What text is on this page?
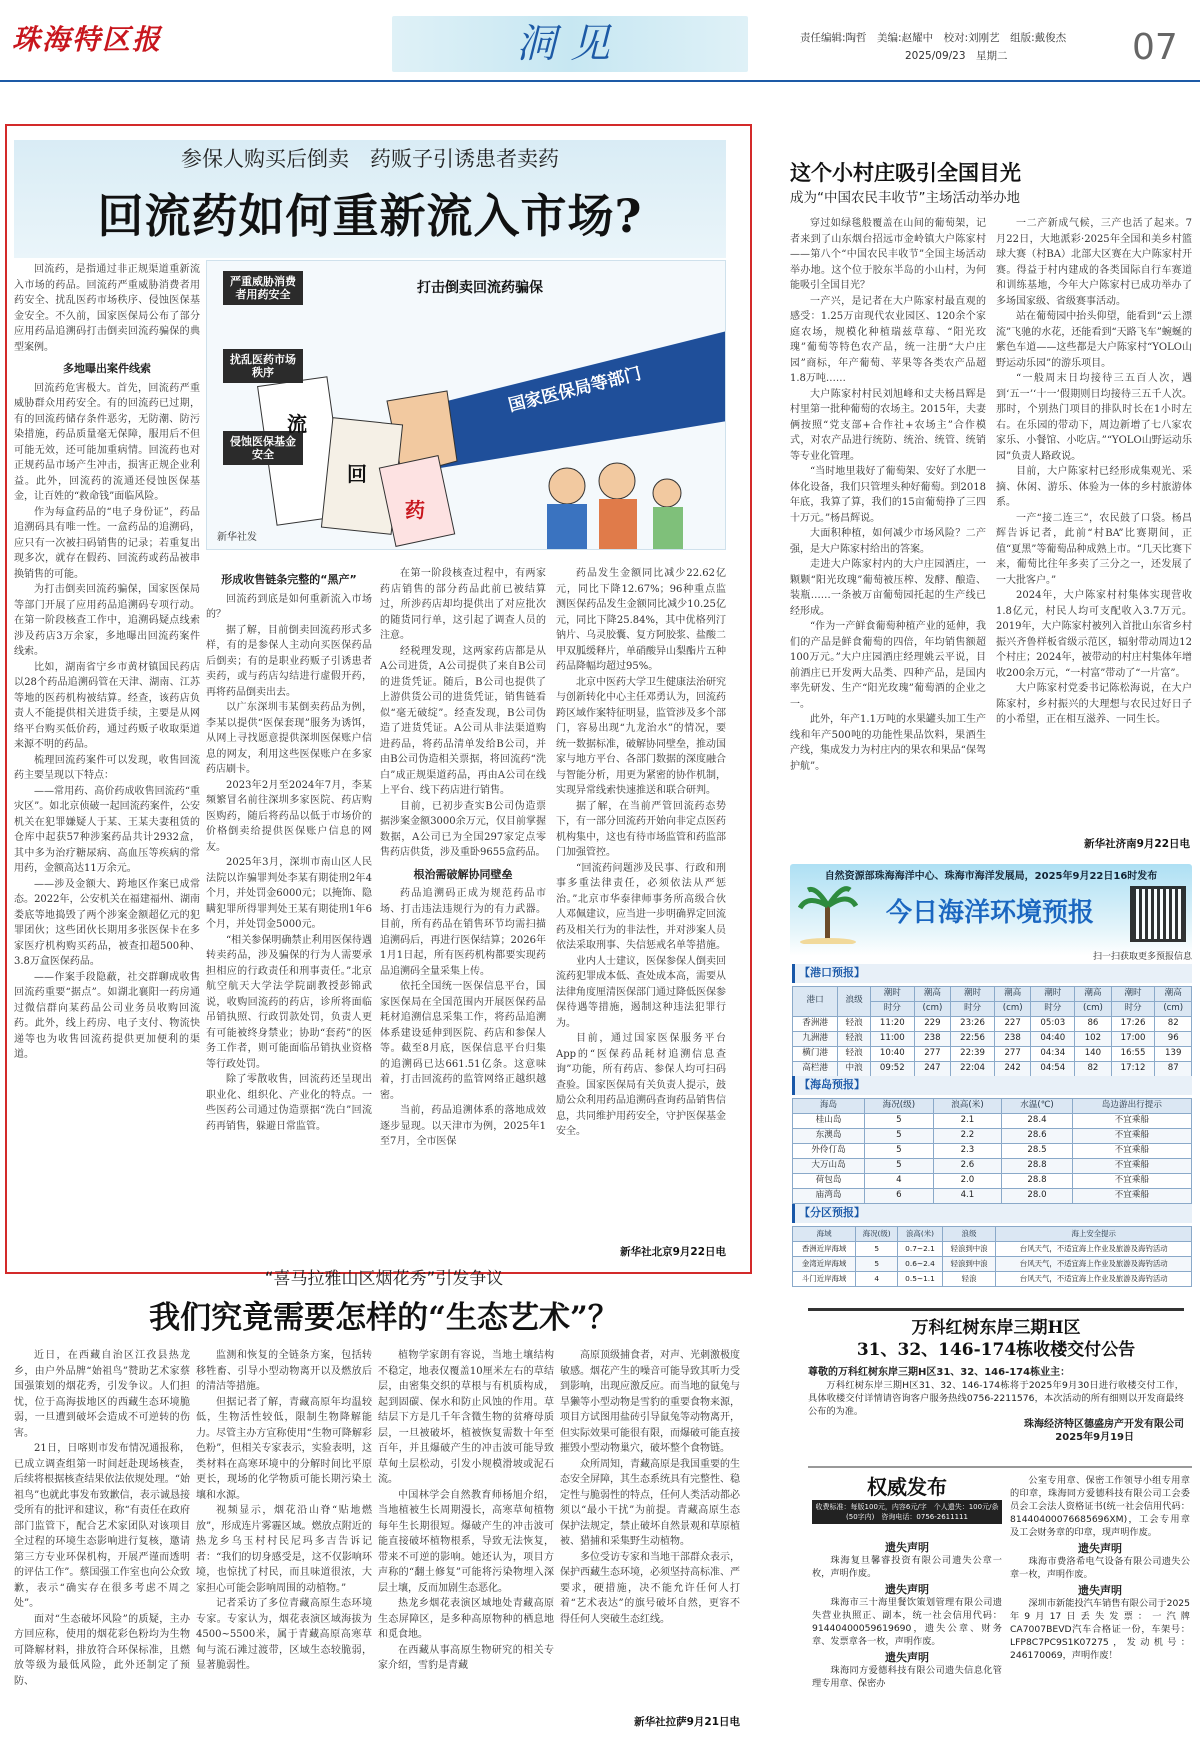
珠海特区报	洞见	责任编辑:陶哲　美编:赵耀中　校对:刘刚艺　组版:戴俊杰
2025/09/23　星期二	07
参保人购买后倒卖　药贩子引诱患者卖药
回流药如何重新流入市场?
严重威胁消费者用药安全
扰乱医药市场秩序
侵蚀医保基金安全
打击倒卖回流药骗保
国家医保局等部门
流
回
药
新华社发

回流药，是指通过非正规渠道重新流入市场的药品。回流药严重威胁消费者用药安全、扰乱医药市场秩序、侵蚀医保基金安全。不久前，国家医保局公布了部分应用药品追溯码打击倒卖回流药骗保的典型案例。

多地曝出案件线索

回流药危害极大。首先，回流药严重威胁群众用药安全。有的回流药已过期，有的回流药储存条件恶劣，无防潮、防污染措施，药品质量毫无保障，服用后不但可能无效，还可能加重病情。回流药也对正规药品市场产生冲击，损害正规企业利益。此外，回流药的流通还侵蚀医保基金，让百姓的“救命钱”面临风险。

作为每盒药品的“电子身份证”，药品追溯码具有唯一性。一盒药品的追溯码，应只有一次被扫码销售的记录；若重复出现多次，就存在假药、回流药或药品被串换销售的可能。

为打击倒卖回流药骗保，国家医保局等部门开展了应用药品追溯码专项行动。在第一阶段核查工作中，追溯码疑点线索涉及药店3万余家，多地曝出回流药案件线索。

比如，湖南省宁乡市黄材镇国民药店以28个药品追溯码管在天津、湖南、江苏等地的医药机构被结算。经查，该药店负责人不能提供相关进货手续，主要是从网络平台购买低价药，通过药贩子收取渠道来源不明的药品。

梳理回流药案件可以发现，收售回流药主要呈现以下特点：

——常用药、高价药成收售回流药“重灾区”。如北京侦破一起回流药案件，公安机关在犯罪嫌疑人于某、王某夫妻租赁的仓库中起获57种涉案药品共计2932盒，其中多为治疗糖尿病、高血压等疾病的常用药，金额高达11万余元。

——涉及金额大、跨地区作案已成常态。2022年，公安机关在福建福州、湖南娄底等地捣毁了两个涉案金额超亿元的犯罪团伙；这些团伙长期用多张医保卡在多家医疗机构购买药品，被查扣超500种、3.8万盒医保药品。

——作案手段隐蔽，社交群聊成收售回流药重要“据点”。如湖北襄阳一药房通过微信群向某药品公司业务员收购回流药。此外，线上药房、电子支付、物流快递等也为收售回流药提供更加便利的渠道。

形成收售链条完整的“黑产”

回流药到底是如何重新流入市场的？

据了解，目前倒卖回流药形式多样，有的是参保人主动向买医保药品后倒卖；有的是职业药贩子引诱患者卖药，或与药店勾结进行虚假开药，再将药品倒卖出去。

以广东深圳韦某倒卖药品为例，李某以提供“医保套现”服务为诱饵，从网上寻找愿意提供深圳医保账户信息的网友，利用这些医保账户在多家药店刷卡。

2023年2月至2024年7月，李某频繁冒名前往深圳多家医院、药店购医购药，随后将药品以低于市场价的价格倒卖给提供医保账户信息的网友。

2025年3月，深圳市南山区人民法院以诈骗罪判处李某有期徒刑2年4个月，并处罚金6000元；以掩饰、隐瞒犯罪所得罪判处王某有期徒刑1年6个月，并处罚金5000元。

“相关参保明确禁止利用医保待遇转卖药品，涉及骗保的行为人需要承担相应的行政责任和刑事责任。”北京航空航天大学法学院副教授彭锦武说，收购回流药的药店，诊所将面临吊销执照、行政罚款处罚，负责人更有可能被终身禁业；协助“套药”的医务工作者，则可能面临吊销执业资格等行政处罚。

除了零散收售，回流药还呈现出职业化、组织化、产业化的特点。一些医药公司通过伪造票据“洗白”回流药再销售，躲避日常监管。

在第一阶段核查过程中，有两家药店销售的部分药品此前已被结算过，所涉药店却均提供出了对应批次的随货同行单，这引起了调查人员的注意。

经税理发现，这两家药店都是从A公司进货，A公司提供了来自B公司的进货凭证。随后，B公司也提供了上游供货公司的进货凭证，销售链看似“毫无破绽”。经查发现，B公司伪造了进货凭证。A公司从非法渠道购进药品，将药品清单发给B公司，并由B公司伪造相关票据，将回流药“洗白”成正规渠道药品，再由A公司在线上平台、线下药店进行销售。

目前，已初步查实B公司伪造票据涉案金额3000余万元，仅目前掌握数据，A公司已为全国297家定点零售药店供货，涉及重卧9655盒药品。

根治需破解协同壁垒

药品追溯码正成为规范药品市场、打击违法违规行为的有力武器。目前，所有药品在销售环节均需扫描追溯码后，再进行医保结算；2026年1月1日起，所有医药机构都要实现药品追溯码全量采集上传。

依托全国统一医保信息平台，国家医保局在全国范围内开展医保药品耗材追溯信息采集工作，将药品追溯体系建设延伸到医院、药店和参保人等。截至8月底，医保信息平台归集的追溯码已达661.51亿条。这意味着，打击回流药的监管网络正越织越密。

当前，药品追溯体系的落地成效逐步显现。以天津市为例，2025年1至7月，全市医保

药品发生金额同比减少22.62亿元，同比下降12.67%；96种重点监测医保药品发生金额同比减少10.25亿元，同比下降25.84%，其中优格列汀钠片、乌灵胶囊、复方阿胶浆、盐酸二甲双胍缓释片，单硝酸异山梨酯片五种药品降幅均超过95%。

北京中医药大学卫生健康法治研究与创新转化中心主任邓勇认为，回流药跨区域作案特征明显，监管涉及多个部门，容易出现“九龙治水”的情况，要统一数据标准，破解协同壁垒，推动国家与地方平台、各部门数据的深度融合与智能分析，用更为紧密的协作机制，实现异常线索快速推送和联合研判。

据了解，在当前严管回流药态势下，有一部分回流药开始向非定点医药机构集中，这也有待市场监管和药监部门加强管控。

“回流药问题涉及民事、行政和刑事多重法律责任，必须依法从严惩治。”北京市华泰律师事务所高级合伙人邓佩建议，应当进一步明确界定回流药及相关行为的非法性，并对涉案人员依法采取刑事、失信惩戒名单等措施。

业内人士建议，医保参保人倒卖回流药犯罪成本低、查处成本高，需要从法律角度厘清医保部门通过降低医保参保待遇等措施，遏制这种违法犯罪行为。

目前，通过国家医保服务平台App的“医保药品耗材追溯信息查询”功能，所有药店、参保人均可扫码查验。国家医保局有关负责人提示，鼓励公众利用药品追溯码查询药品销售信息，共同维护用药安全，守护医保基金安全。

新华社北京9月22日电
这个小村庄吸引全国目光
成为“中国农民丰收节”主场活动举办地

穿过如绿毯般覆盖在山间的葡萄架，记者来到了山东烟台招远市金岭镇大户陈家村——第八个“中国农民丰收节”全国主场活动举办地。这个位于胶东半岛的小山村，为何能吸引全国目光？

一产兴，是记者在大户陈家村最直观的感受：1.25万亩现代农业园区、120余个家庭农场，规模化种植瑞兹草莓、“阳光玫瑰”葡萄等特色农产品，统一注册“大户庄园”商标，年产葡萄、苹果等各类农产品超1.8万吨……

大户陈家村村民刘旭峰和丈夫杨昌辉是村里第一批种葡萄的农场主。2015年，夫妻俩按照“党支部+合作社+农场主”合作模式，对农产品进行统防、统治、统管、统销等专业化管理。

“当时地里栽好了葡萄架、安好了水肥一体化设备，我们只管埋头种好葡萄。到2018年底，我算了算，我们的15亩葡萄挣了三四十万元。”杨昌辉说。

大面积种植，如何减少市场风险？二产强，是大户陈家村给出的答案。

走进大户陈家村内的大户庄园酒庄，一颗颗“阳光玫瑰”葡萄被压榨、发酵、酿造、装瓶……一条被万亩葡萄园托起的生产线已经形成。

“作为一产鲜食葡萄种植产业的延伸，我们的产品是鲜食葡萄的四倍，年均销售额超100万元。”大户庄园酒庄经理姚云平说，目前酒庄已开发两大品类、四种产品，是国内率先研发、生产“阳光玫瑰”葡萄酒的企业之一。

此外，年产1.1万吨的水果罐头加工生产线和年产500吨的功能性果品饮料，果酒生产线，集成发力为村庄内的果农和果品“保驾护航”。

一二产新成气候，三产也活了起来。7月22日，大地派彩·2025年全国和美乡村篮球大赛（村BA）北部大区赛在大户陈家村开赛。得益于村内建成的各类国际自行车赛道和训练基地，今年大户陈家村已成功举办了多场国家级、省级赛事活动。

站在葡萄园中抬头仰望，能看到“云上漂流”飞驰的水花，还能看到“天路飞车”蜿蜒的紫色车道——这些都是大户陈家村“YOLO山野运动乐园”的游乐项目。

“一般周末日均接待三五百人次，遇到‘五一’‘十一’假期则日均接待三五千人次。那时，个别热门项目的排队时长在1小时左右。在乐园的带动下，周边新增了七八家农家乐、小餐馆、小吃店。”“YOLO山野运动乐园”负责人路政说。

目前，大户陈家村已经形成集观光、采摘、休闲、游乐、体验为一体的乡村旅游体系。

一产“接二连三”，农民鼓了口袋。杨昌辉告诉记者，此前“村BA”比赛期间，正值“夏黑”等葡萄品种成熟上市。“几天比赛下来，葡萄比往年多卖了三分之一，还发展了一大批客户。”

2024年，大户陈家村村集体实现营收1.8亿元，村民人均可支配收入3.7万元。2019年，大户陈家村被列入首批山东省乡村振兴齐鲁样板省级示范区，辐射带动周边12个村庄；2024年，被带动的村庄村集体年增收200余万元，“一村富”带动了“一片富”。

大户陈家村党委书记陈松海说，在大户陈家村，乡村振兴的大理想与农民过好日子的小希望，正在相互滋养、一同生长。

新华社济南9月22日电
自然资源部珠海海洋中心、珠海市海洋发展局，2025年9月22日16时发布
今日海洋环境预报
扫一扫获取更多预报信息
【港口预报】
港口	浪级	潮时	潮高	潮时	潮高	潮时	潮高	潮时	潮高
		时分	(cm)	时分	(cm)	时分	(cm)	时分	(cm)
香洲港	轻浪	11:20	229	23:26	227	05:03	86	17:26	82
九洲港	轻浪	11:00	238	22:56	238	04:40	102	17:00	96
横门港	轻浪	10:40	277	22:39	277	04:34	140	16:55	139
高栏港	中浪	09:52	247	22:04	242	04:54	82	17:12	87
【海岛预报】
海岛	海况(级)	浪高(米)	水温(℃)	岛边游出行提示
桂山岛	5	2.1	28.4	不宜乘船
东澳岛	5	2.2	28.6	不宜乘船
外伶仃岛	5	2.3	28.5	不宜乘船
大万山岛	5	2.6	28.8	不宜乘船
荷包岛	4	2.0	28.8	不宜乘船
庙湾岛	6	4.1	28.0	不宜乘船
【分区预报】
海域	海况(级)	浪高(米)	浪级	海上安全提示
香洲近岸海域	5	0.7~2.1	轻浪到中浪	台风天气，不适宜海上作业及旅游及海钓活动
金湾近岸海域	5	0.6~2.4	轻浪到中浪	台风天气，不适宜海上作业及旅游及海钓活动
斗门近岸海域	4	0.5~1.1	轻浪	台风天气，不适宜海上作业及旅游及海钓活动
“喜马拉雅山区烟花秀”引发争议
我们究竟需要怎样的“生态艺术”？

近日，在西藏自治区江孜县热龙乡，由户外品牌“始祖鸟”赞助艺术家蔡国强策划的烟花秀，引发争议。人们担忧，位于高海拔地区的西藏生态环境脆弱，一旦遭到破坏会造成不可逆转的伤害。

21日，日喀则市发布情况通报称，已成立调查组第一时间赶赴现场核查，后续将根据核查结果依法依规处理。“始祖鸟”也就此事发布致歉信，表示诚恳接受所有的批评和建议，称“有责任在政府部门监管下，配合艺术家团队对该项目全过程的环境生态影响进行复核，邀请第三方专业环保机构，开展严谨而透明的评估工作”。蔡国强工作室也向公众致歉，表示“确实存在很多考虑不周之处”。

面对“生态破坏风险”的质疑，主办方回应称，使用的烟花彩色粉均为生物可降解材料，排放符合环保标准，且燃放等级为最低风险，此外还制定了预防、

监测和恢复的全链条方案，包括转移牲畜、引导小型动物离开以及燃放后的清洁等措施。

但据记者了解，青藏高原年均温较低，生物活性较低，限制生物降解能力。尽管主办方宣称使用“生物可降解彩色粉”，但相关专家表示，实验表明，这类材料在高寒环境中的分解时间比平原更长，现场的化学物质可能长期污染土壤和水源。

视频显示，烟花沿山脊“贴地燃放”，形成连片雾霾区域。燃放点附近的热龙乡乌玉村村民尼玛多吉告诉记者：“我们的切身感受是，这不仅影响环境，也惊扰了村民，而且味道很浓，大家担心可能会影响周围的动植物。”

记者采访了多位青藏高原生态环境专家。专家认为，烟花表演区域海拔为4500~5500米，属于青藏高原高寒草甸与流石滩过渡带，区域生态较脆弱，显著脆弱性。

植物学家朗有容说，当地土壤结构不稳定，地表仅覆盖10厘米左右的草结层，由密集交织的草根与有机质构成，起到固碳、保水和防止风蚀的作用。草结层下方是几千年含微生物的贫瘠母质层，一旦被破坏，植被恢复需数十年至百年，并且爆破产生的冲击波可能导致草甸土层松动，引发小规模滑坡或泥石流。

中国林学会自然教育师杨旭介绍，当地植被生长周期漫长，高寒草甸植物每年生长期很短。爆破产生的冲击波可能直接破坏植物根系，导致无法恢复，带来不可逆的影响。她还认为，项目方声称的“翻土修复”可能将污染物埋入深层土壤，反而加剧生态恶化。

热龙乡烟花表演区域地处青藏高原生态屏障区，是多种高原物种的栖息地和觅食地。

在西藏从事高原生物研究的相关专家介绍，雪豹是青藏

高原顶级捕食者，对声、光刺激极度敏感。烟花产生的噪音可能导致其听力受到影响，出现应激反应。而当地的鼠兔与旱獭等小型动物是雪豹的重要食物来源，项目方试图用盐砖引导鼠兔等动物离开，但实际效果可能很有限，而爆破可能直接摧毁小型动物巢穴，破坏整个食物链。

众所周知，青藏高原是我国重要的生态安全屏障，其生态系统具有完整性、稳定性与脆弱性的特点，任何人类活动都必须以“最小干扰”为前提。青藏高原生态保护法规定，禁止破坏自然景观和草原植被、猎捕和采集野生动植物。

多位受访专家和当地干部群众表示，保护西藏生态环境，必须坚持高标准、严要求，硬措施，决不能允许任何人打着“艺术表达”的旗号破坏自然，更容不得任何人突破生态红线。

新华社拉萨9月21日电
万科红树东岸三期H区
31、32、146-174栋收楼交付公告
尊敬的万科红树东岸三期H区31、32、146-174栋业主：
万科红树东岸三期H区31、32、146-174栋将于2025年9月30日进行收楼交付工作，具体收楼交付详情请咨询客户服务热线0756-2211576，本次活动的所有细则以开发商最终公布的为准。
珠海经济特区德盛房产开发有限公司
2025年9月19日
权威发布
收费标准：每版100元，内容6元/字　个人遗失：100元/条(50字内)　咨询电话：0756-2611111
遗失声明
珠海复旦馨睿投资有限公司遗失公章一枚，声明作废。
遗失声明
珠海市三十海里餐饮策划管理有限公司遗失营业执照正、副本，统一社会信用代码：91440400059619690，遗失公章、财务章、发票章各一枚，声明作废。
遗失声明
珠海同方爱德科技有限公司遗失信息化管理专用章、保密办
公室专用章、保密工作领导小组专用章的印章，珠海同方爱德科技有限公司工会委员会工会法人资格证书(统一社会信用代码：81440400076685696XM)，工会专用章及工会财务章的印章，现声明作废。
遗失声明
珠海市费洛希电气设备有限公司遗失公章一枚，声明作废。
遗失声明
深圳市新能投汽车销售有限公司于2025年9月17日丢失发票：一汽牌CA7007BEVD汽车合格证一份，车架号：LFP8C7PC9S1K07275，发动机号：246170069，声明作废！
